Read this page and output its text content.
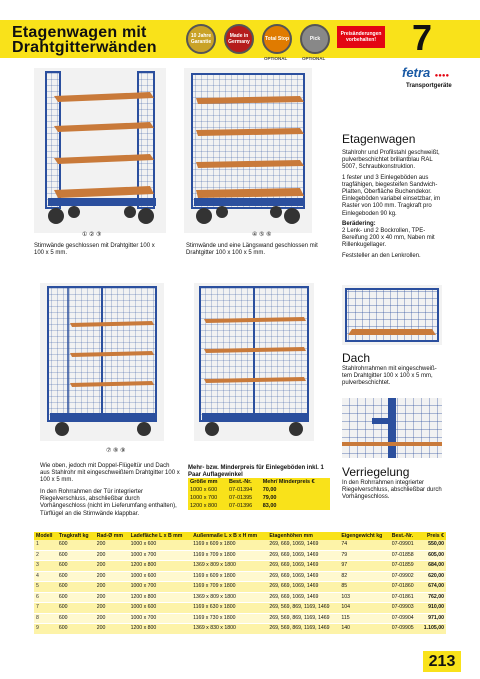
Etagenwagen mit
Drahtgitterwänden
10 Jahre Garantie
Made in Germany	Total Stop	Pick
OPTIONAL	OPTIONAL
Preisänderungen vorbehalten! 7
fetra ●●●●
Transportgeräte
① ② ③
Stirnwände geschlossen mit Drahtgitter 100 x 100 x 5 mm.
④ ⑤ ⑥
Stirnwände und eine Längswand geschlossen mit Drahtgitter 100 x 100 x 5 mm.
Etagenwagen
Stahlrohr und Profilstahl geschweißt, pulverbeschichtet brillantblau RAL 5007, Schraubkonstruktion.
1 fester und 3 Einlegeböden aus tragfähigen, biegesteifen Sandwich-Platten, Oberfläche Buchendekor. Einlegeböden variabel einsetzbar, im Raster von 100 mm. Tragkraft pro Einlegeboden 90 kg.
Berädering:
2 Lenk- und 2 Bockrollen, TPE-Bereifung 200 x 40 mm, Naben mit Rillenkugellager.
Feststeller an den Lenkrollen.
⑦ ⑧ ⑨
Dach
Stahlrohrrahmen mit eingeschweiß-tem Drahtgitter 100 x 100 x 5 mm, pulverbeschichtet.
Verriegelung
In den Rohrrahmen integrierter Riegelverschluss, abschließbar durch Vorhängeschloss.
Wie oben, jedoch mit Doppel-Flügeltür und Dach aus Stahlrohr mit eingeschweißtem Drahtgitter 100 x 100 x 5 mm.
In den Rohrrahmen der Tür integrierter Riegelverschluss, abschließbar durch Vorhängeschloss (nicht im Lieferumfang enthalten), Türflügel an die Stirnwände klappbar.
Mehr- bzw. Minderpreis für Einlegeböden inkl. 1 Paar Auflagewinkel
Größe mm	Best.-Nr.	Mehr/ Minderpreis €
1000 x 600	07-01394	70,00
1000 x 700	07-01395	79,00
1200 x 800	07-01396	83,00
Modell	Tragkraft kg	Rad-Ø mm	Ladefläche L x B mm	Außenmaße L x B x H mm	Etagenhöhen mm	Eigengewicht kg	Best.-Nr.	Preis €
1	600	200	1000 x 600	1169 x 609 x 1800	269, 669, 1069, 1469	74	07-09901	550,00
2	600	200	1000 x 700	1169 x 709 x 1800	269, 669, 1069, 1469	79	07-01858	605,00
3	600	200	1200 x 800	1369 x 809 x 1800	269, 669, 1069, 1469	97	07-01859	684,00
4	600	200	1000 x 600	1169 x 609 x 1800	269, 669, 1069, 1469	82	07-09902	620,00
5	600	200	1000 x 700	1169 x 709 x 1800	269, 669, 1069, 1469	85	07-01860	674,00
6	600	200	1200 x 800	1369 x 809 x 1800	269, 669, 1069, 1469	103	07-01861	762,00
7	600	200	1000 x 600	1169 x 630 x 1800	269, 569, 869, 1169, 1469	104	07-09903	910,00
8	600	200	1000 x 700	1169 x 730 x 1800	269, 569, 869, 1169, 1469	115	07-09904	971,00
9	600	200	1200 x 800	1369 x 830 x 1800	269, 569, 869, 1169, 1469	140	07-09905	1.105,00
213
